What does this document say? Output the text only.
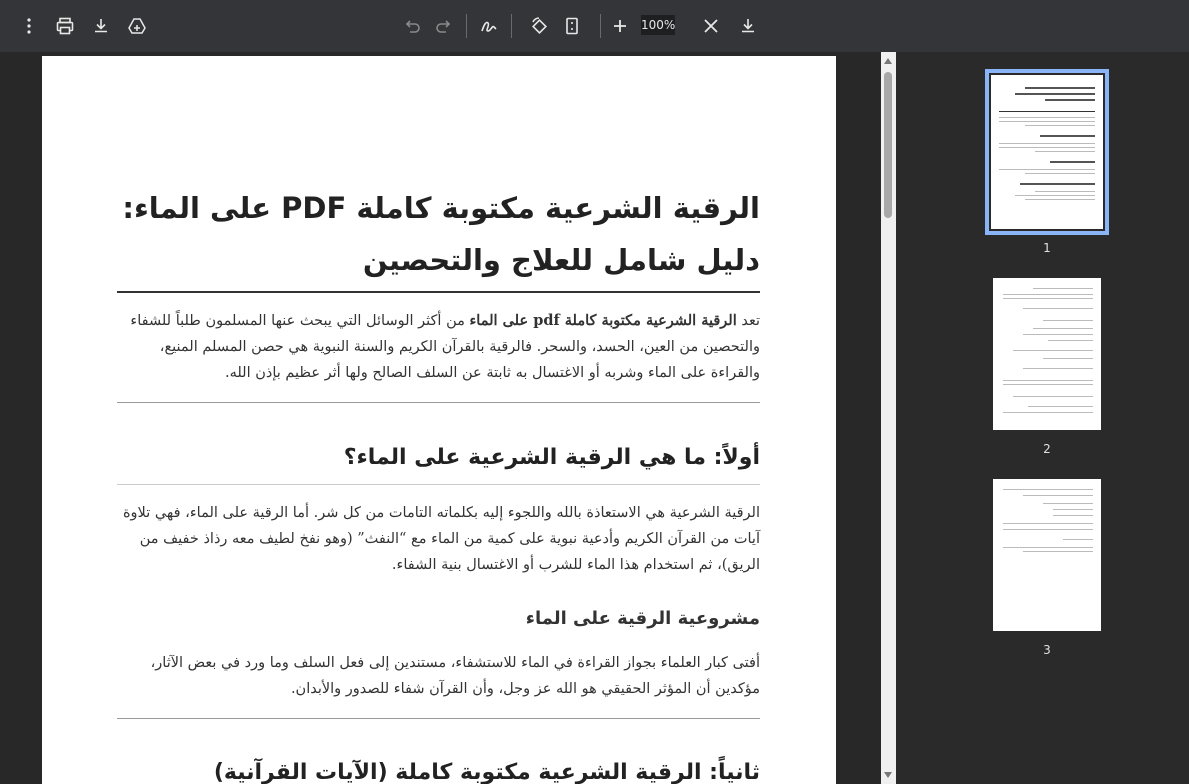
100%
الرقية الشرعية مكتوبة كاملة PDF على الماء:
دليل شامل للعلاج والتحصين
تعد الرقية الشرعية مكتوبة كاملة pdf على الماء من أكثر الوسائل التي يبحث عنها المسلمون طلباً للشفاء والتحصين من العين، الحسد، والسحر. فالرقية بالقرآن الكريم والسنة النبوية هي حصن المسلم المنيع، والقراءة على الماء وشربه أو الاغتسال به ثابتة عن السلف الصالح ولها أثر عظيم بإذن الله.
أولاً: ما هي الرقية الشرعية على الماء؟
الرقية الشرعية هي الاستعاذة بالله واللجوء إليه بكلماته التامات من كل شر. أما الرقية على الماء، فهي تلاوة آيات من القرآن الكريم وأدعية نبوية على كمية من الماء مع “النفث” (وهو نفخ لطيف معه رذاذ خفيف من الريق)، ثم استخدام هذا الماء للشرب أو الاغتسال بنية الشفاء.
مشروعية الرقية على الماء
أفتى كبار العلماء بجواز القراءة في الماء للاستشفاء، مستندين إلى فعل السلف وما ورد في بعض الآثار، مؤكدين أن المؤثر الحقيقي هو الله عز وجل، وأن القرآن شفاء للصدور والأبدان.
ثانياً: الرقية الشرعية مكتوبة كاملة (الآيات القرآنية)
1
2
3
